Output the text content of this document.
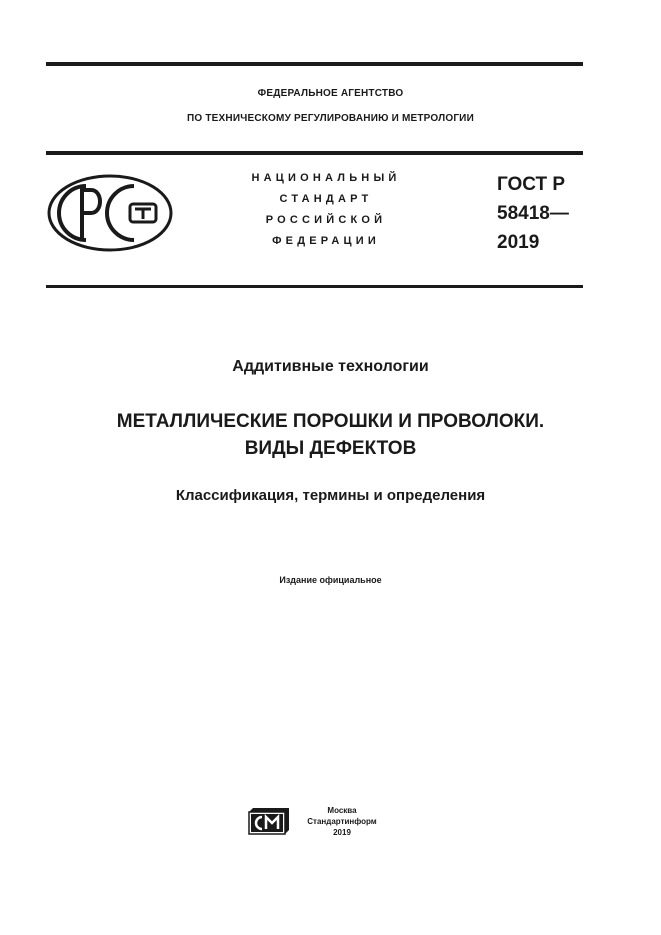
ФЕДЕРАЛЬНОЕ АГЕНТСТВО
ПО ТЕХНИЧЕСКОМУ РЕГУЛИРОВАНИЮ И МЕТРОЛОГИИ
НАЦИОНАЛЬНЫЙ
СТАНДАРТ
РОССИЙСКОЙ
ФЕДЕРАЦИИ
ГОСТ Р
58418—
2019
Аддитивные технологии
МЕТАЛЛИЧЕСКИЕ ПОРОШКИ И ПРОВОЛОКИ.
ВИДЫ ДЕФЕКТОВ
Классификация, термины и определения
Издание официальное
Москва
Стандартинформ
2019
